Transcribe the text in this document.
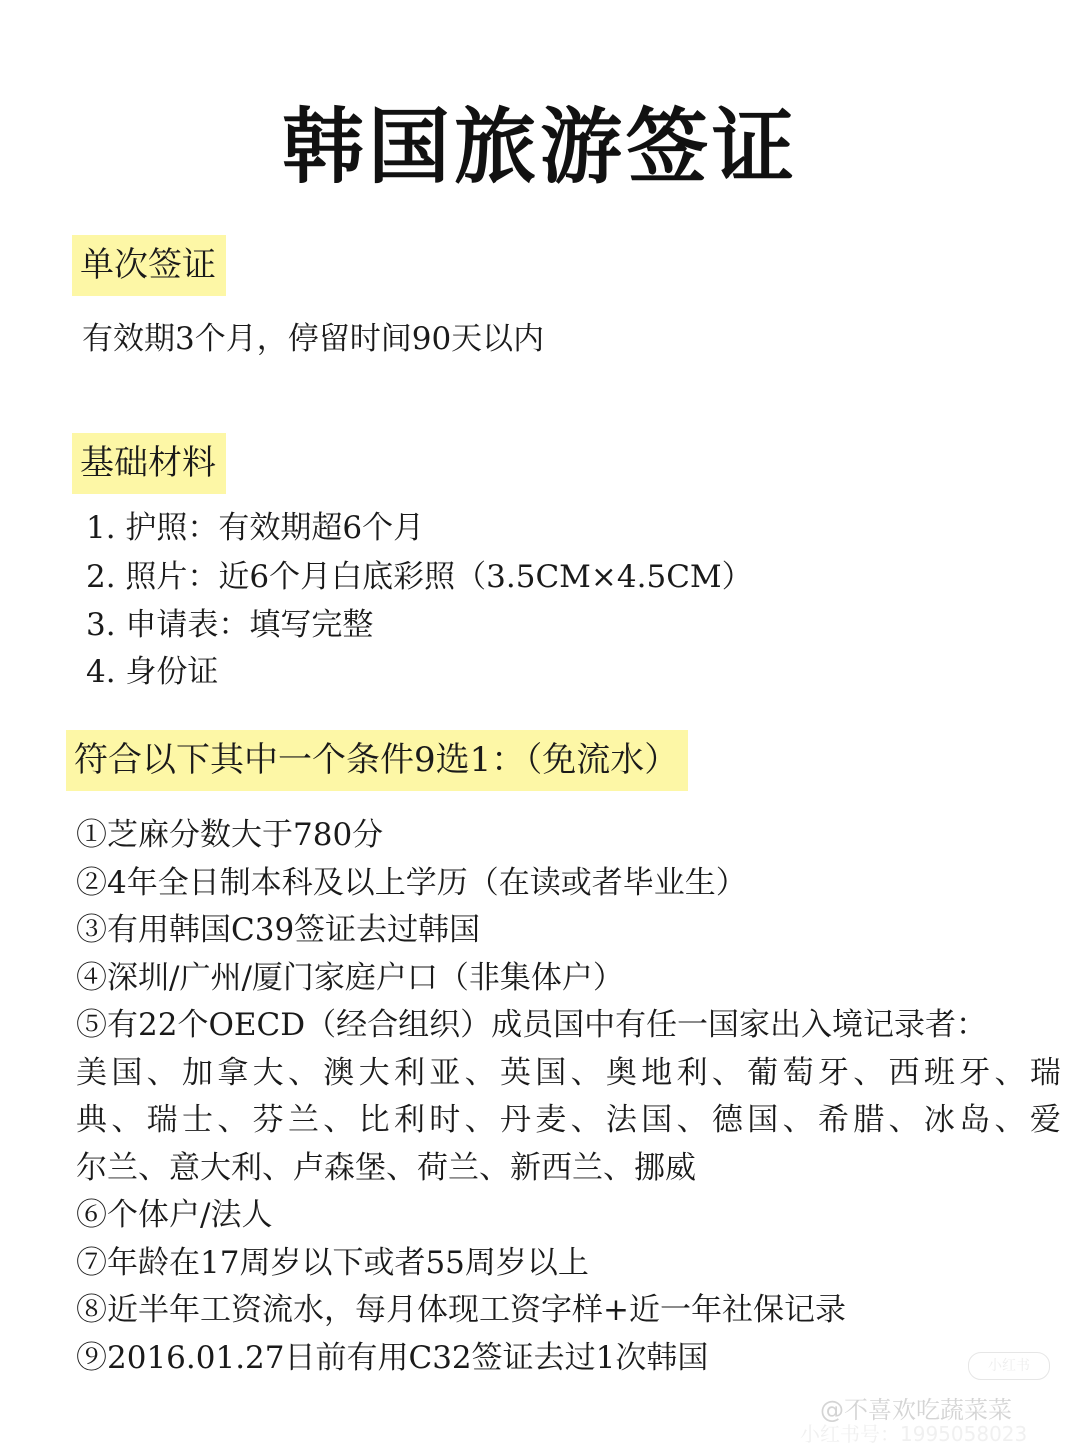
韩国旅游签证
单次签证
有效期3个月，停留时间90天以内
基础材料
1. 护照：有效期超6个月
2. 照片：近6个月白底彩照（3.5CM×4.5CM）
3. 申请表：填写完整
4. 身份证
符合以下其中一个条件9选1：（免流水）
①芝麻分数大于780分
②4年全日制本科及以上学历（在读或者毕业生）
③有用韩国C39签证去过韩国
④深圳/广州/厦门家庭户口（非集体户）
⑤有22个OECD（经合组织）成员国中有任一国家出入境记录者：
美 国 、 加 拿 大 、 澳 大 利 亚 、 英 国 、 奥 地 利 、 葡 萄 牙 、 西 班 牙 、 瑞
典 、 瑞 士 、 芬 兰 、 比 利 时 、 丹 麦 、 法 国 、 德 国 、 希 腊 、 冰 岛 、 爱
尔兰、意大利、卢森堡、荷兰、新西兰、挪威
⑥个体户/法人
⑦年龄在17周岁以下或者55周岁以上
⑧近半年工资流水，每月体现工资字样+近一年社保记录
⑨2016.01.27日前有用C32签证去过1次韩国	小红书
@不喜欢吃蔬菜菜
小红书号：1995058023
